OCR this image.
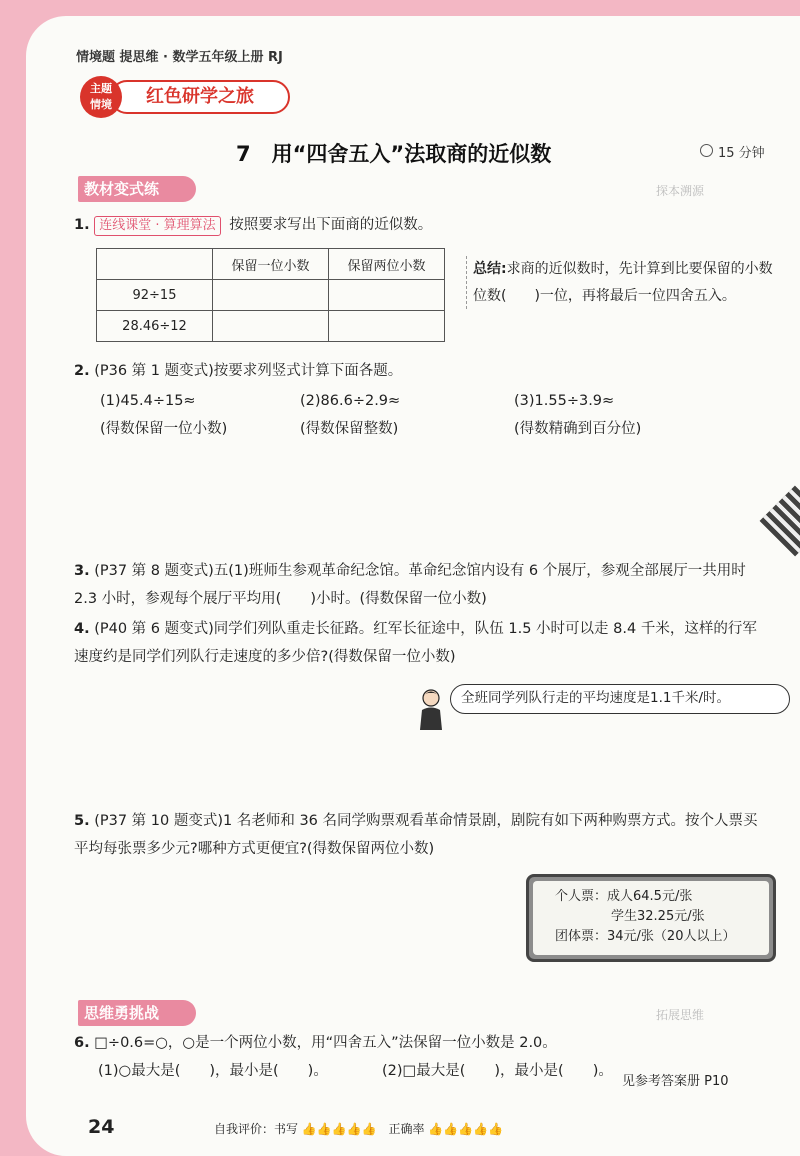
情境题 提思维 · 数学五年级上册 RJ
红色研学之旅
主题
情境
7　用“四舍五入”法取商的近似数	15 分钟
教材变式练	探本溯源
1. 连线课堂 · 算理算法 按照要求写出下面商的近似数。
	保留一位小数	保留两位小数
92÷15		
28.46÷12		
总结:求商的近似数时，先计算到比要保留的小数位数(　　)一位，再将最后一位四舍五入。
2. (P36 第 1 题变式)按要求列竖式计算下面各题。
(1)45.4÷15≈
(得数保留一位小数)
(2)86.6÷2.9≈
(得数保留整数)
(3)1.55÷3.9≈
(得数精确到百分位)
3. (P37 第 8 题变式)五(1)班师生参观革命纪念馆。革命纪念馆内设有 6 个展厅，参观全部展厅一共用时 2.3 小时，参观每个展厅平均用(　　)小时。(得数保留一位小数)
4. (P40 第 6 题变式)同学们列队重走长征路。红军长征途中，队伍 1.5 小时可以走 8.4 千米，这样的行军速度约是同学们列队行走速度的多少倍?(得数保留一位小数)
全班同学列队行走的平均速度是1.1千米/时。
5. (P37 第 10 题变式)1 名老师和 36 名同学购票观看革命情景剧，剧院有如下两种购票方式。按个人票买平均每张票多少元?哪种方式更便宜?(得数保留两位小数)
个人票：成人64.5元/张
学生32.25元/张
团体票：34元/张（20人以上）
思维勇挑战	拓展思维
6. □÷0.6=○，○是一个两位小数，用“四舍五入”法保留一位小数是 2.0。
(1)○最大是(　　)，最小是(　　)。	(2)□最大是(　　)，最小是(　　)。
见参考答案册 P10
24	自我评价：书写 👍👍👍👍👍　正确率 👍👍👍👍👍
